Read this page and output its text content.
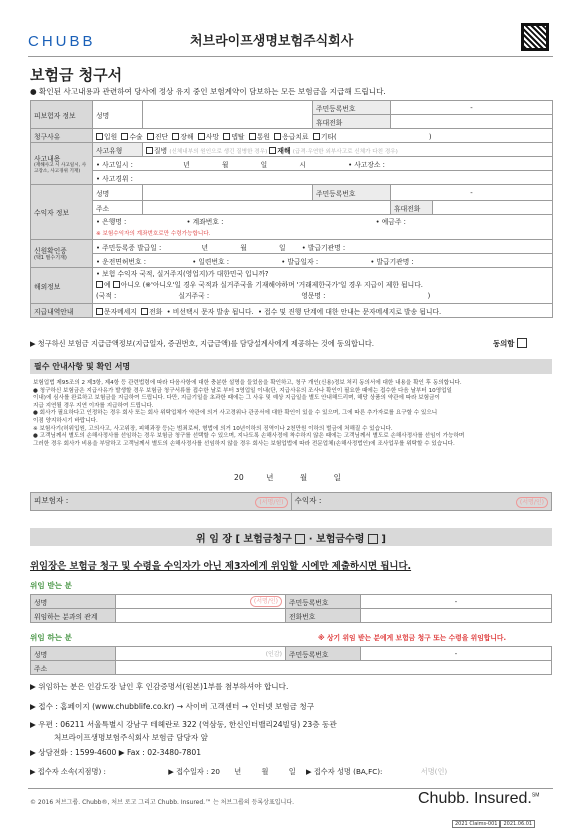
CHUBB	처브라이프생명보험주식회사
보험금 청구서
● 확인된 사고내용과 관련하여 당사에 정상 유지 중인 보험계약이 담보하는 모든 보험금을 지급해 드립니다.
피보험자 정보	성명		주민등록번호	-	
			휴대전화		
청구사유	입원 수술 진단 장해 사망 뎁탈 통원 응급치료 기타( )				

사고내용
(재해사고 시 사고일시, 사고장소, 사고경위 기재)	사고유형	질병 (신체내부의 원인으로 생긴 질병한 경우) 재해 (급격·우연한 외부사고로 신체가 다친 경우)			
	• 사고일시 : 년 월 일 시 • 사고장소 :				
	• 사고경위 :				
수익자 정보	성명		주민등록번호	-	
	주소			휴대전화	
	• 은행명 : • 계좌번호 : • 예금주 :				
	※ 보험수익자의 계좌번호로만 수령가능합니다.				

신원확인증
(택1 필수기재)	• 주민등록증 발급일 : 년 월 일 • 발급기관명 :				
	• 운전면허번호 : • 일련번호 : • 발급일자 : • 발급기관명 :				
해외정보	• 보험 수익자 국적, 실거주지(영업지)가 대한민국 입니까?
예 아니오 (※'아니오'일 경우 국적과 실거주국을 기재해야하며 '거래제한국가'일 경우 지급이 제한 됩니다.
(국적 : 실거주국 : 영문명 : )				

지급내역안내	문자메세지 전화 • 비선택시 문자 발송 됩니다. • 접수 및 진행 단계에 대한 안내는 문자메세지로 발송 됩니다.				
▶ 청구하신 보험금 지급금액정보(지급일자, 증권번호, 지급금액)를 담당설계사에게 제공하는 것에 동의합니다.	동의함
필수 안내사항 및 확인 서명

보험업법 제95조의 2 제3항, 제4항 등 관련법령에 따라 다음사항에 대한 충분한 설명을 들었음을 확인하고, 청구 개인(신용)정보 처리 동의서에 대한 내용을 확인 후 동의합니다.

● 청구하신 보험금은 지급사유가 발생할 경우 보험금 청구서류를 접수한 날로 부터 3영업일 이내(단, 지급사유의 조사나 확인이 필요한 때에는 접수한 다음 날부터 10영업일

이내)에 심사를 완료하고 보험금을 지급하여 드립니다. 다만, 지급기일을 초과한 때에는 그 사유 및 예상 지급일을 별도 안내해드리며, 해당 상품의 약관에 따라 보험금이

지급 지연될 경우 지연 이자를 지급하여 드립니다.

● 회사가 필요하다고 인정하는 경우 회사 또는 회사 위탁업체가 약관에 의거 사고경위나 관공서에 대한 확인이 있을 수 있으며, 그에 따른 추가자료를 요구할 수 있으니

이점 양지하시기 바랍니다.

※ 보험사기(허위입원, 고의사고, 사고위장, 피해과장 등)는 범죄로써, 형법에 의거 10년이하의 징역이나 2천만원 이하의 벌금에 처해질 수 있습니다.

● 고객님께서 별도의 손해사정사를 선임하는 경우 보험금 청구를 선택할 수 있으며, 지나도록 손해사정에 착수하지 않은 때에는 고객님께서 별도로 손해사정사를 선임이 가능하며

그러한 경우 회사가 비용을 부담하고 고객님께서 별도의 손해사정사를 선임하지 않을 경우 회사는 보험업법에 따라 전문업체(손해사정법인)에 조사업무를 위탁할 수 있습니다.

20	년	월	일
피보험자 :	(서명/인)	수익자 :	(서명/인)
위 임 장 [ 보험금청구 · 보험금수령 ]
위임장은 보험금 청구 및 수령을 수익자가 아닌 제3자에게 위임할 시에만 제출하시면 됩니다.
위임 받는 분
성명	(서명/인)	주민등록번호	-
위임하는 분과의 관계		전화번호	
위임 하는 분	※ 상기 위임 받는 분에게 보험금 청구 또는 수령을 위임합니다.
성명	(인감)	주민등록번호	-
주소			
▶ 위임하는 분은 인감도장 날인 후 인감증명서(원본)1부를 첨부하셔야 합니다.
▶ 접수 : 홈페이지 (www.chubblife.co.kr) → 사이버 고객센터 → 인터넷 보험금 청구
▶ 우편 : 06211 서울특별시 강남구 테헤란로 322 (역삼동, 한신인터밸리24빌딩) 23층 동관
처브라이프생명보험주식회사 보험금 담당자 앞
▶ 상담전화 : 1599-4600 ▶ Fax : 02-3480-7801
▶ 접수자 소속(지점명) :	▶ 접수일자 : 20 년	월	일 ▶ 접수자 성명 (BA,FC):	서명(인)
© 2016 처브그룹. Chubb®, 처브 로고 그리고 Chubb. Insured.™ 는 처브그룹의 등록상표입니다.	Chubb. Insured.℠
2021 Claims-001 2021.06.01
